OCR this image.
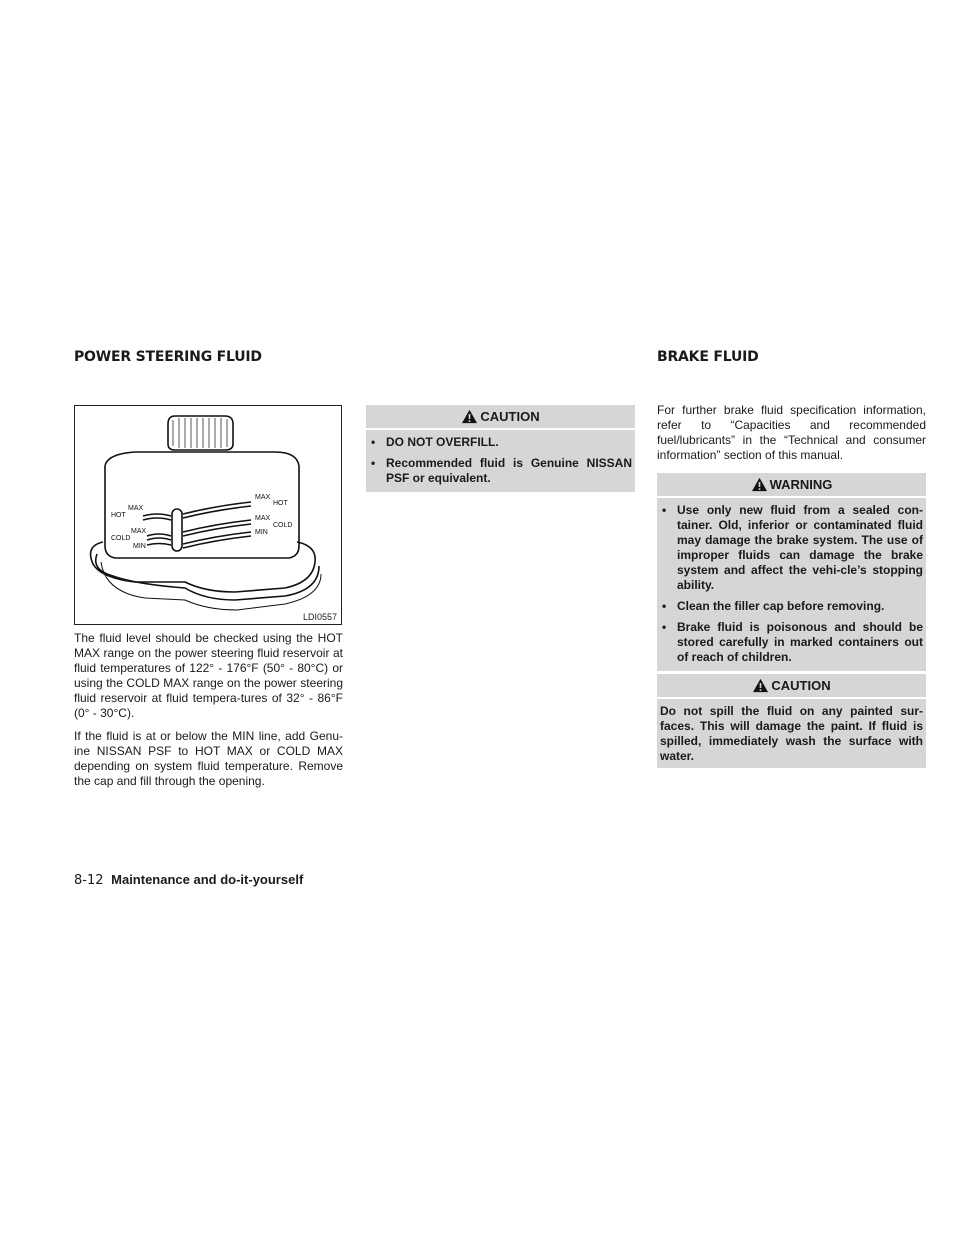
POWER STEERING FLUID
MAX
HOT
MAX
COLD
MIN
MAX
HOT
MAX
COLD
MIN
LDI0557

The fluid level should be checked using the HOT MAX range on the power steering fluid reservoir at fluid temperatures of 122° - 176°F (50° - 80°C) or using the COLD MAX range on the power steering fluid reservoir at fluid tempera-tures of 32° - 86°F (0° - 30°C).

If the fluid is at or below the MIN line, add Genu-ine NISSAN PSF to HOT MAX or COLD MAX depending on system fluid temperature. Remove the cap and fill through the opening.

CAUTION
• DO NOT OVERFILL.
• Recommended fluid is Genuine NISSAN PSF or equivalent.
BRAKE FLUID
For further brake fluid specification information, refer to “Capacities and recommended fuel/lubricants” in the “Technical and consumer information” section of this manual.
WARNING
• Use only new fluid from a sealed con-tainer. Old, inferior or contaminated fluid may damage the brake system. The use of improper fluids can damage the brake system and affect the vehi-cle’s stopping ability.
• Clean the filler cap before removing.
• Brake fluid is poisonous and should be stored carefully in marked containers out of reach of children.
CAUTION
Do not spill the fluid on any painted sur-faces. This will damage the paint. If fluid is spilled, immediately wash the surface with water.
8-12 Maintenance and do-it-yourself
